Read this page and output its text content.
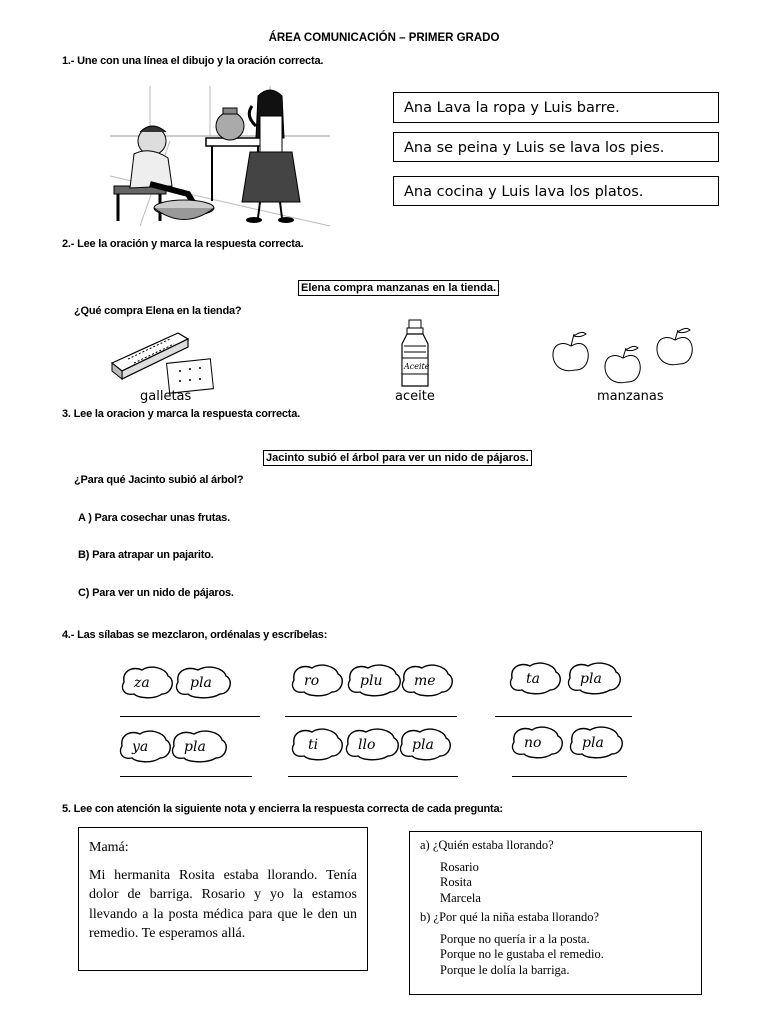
ÁREA COMUNICACIÓN – PRIMER GRADO
1.- Une con una línea el dibujo y la oración correcta.
Ana Lava la ropa y Luis barre.
Ana se peina y Luis se lava los pies.
Ana cocina y Luis lava los platos.
2.- Lee la oración y marca la respuesta correcta.
Elena compra manzanas en la tienda.
¿Qué compra Elena en la tienda?
galletas
Aceite
aceite	manzanas
3. Lee la oracion y marca la respuesta correcta.
Jacinto subió el árbol para ver un nido de pájaros.
¿Para qué Jacinto subió al árbol?
A ) Para cosechar unas frutas.
B) Para atrapar un pajarito.
C) Para ver un nido de pájaros.
4.- Las sílabas se mezclaron, ordénalas y escríbelas:
za	pla	ro	plu me	ta	pla
ya	pla	ti	llo	pla	no	pla
5. Lee con atención la siguiente nota y encierra la respuesta correcta de cada pregunta:
Mamá:
Mi hermanita Rosita estaba llorando. Tenía dolor de barriga. Rosario y yo la estamos llevando a la posta médica para que le den un remedio. Te esperamos allá.
a) ¿Quién estaba llorando?
Rosario
Rosita
Marcela
b) ¿Por qué la niña estaba llorando?
Porque no quería ir a la posta.
Porque no le gustaba el remedio.
Porque le dolía la barriga.
